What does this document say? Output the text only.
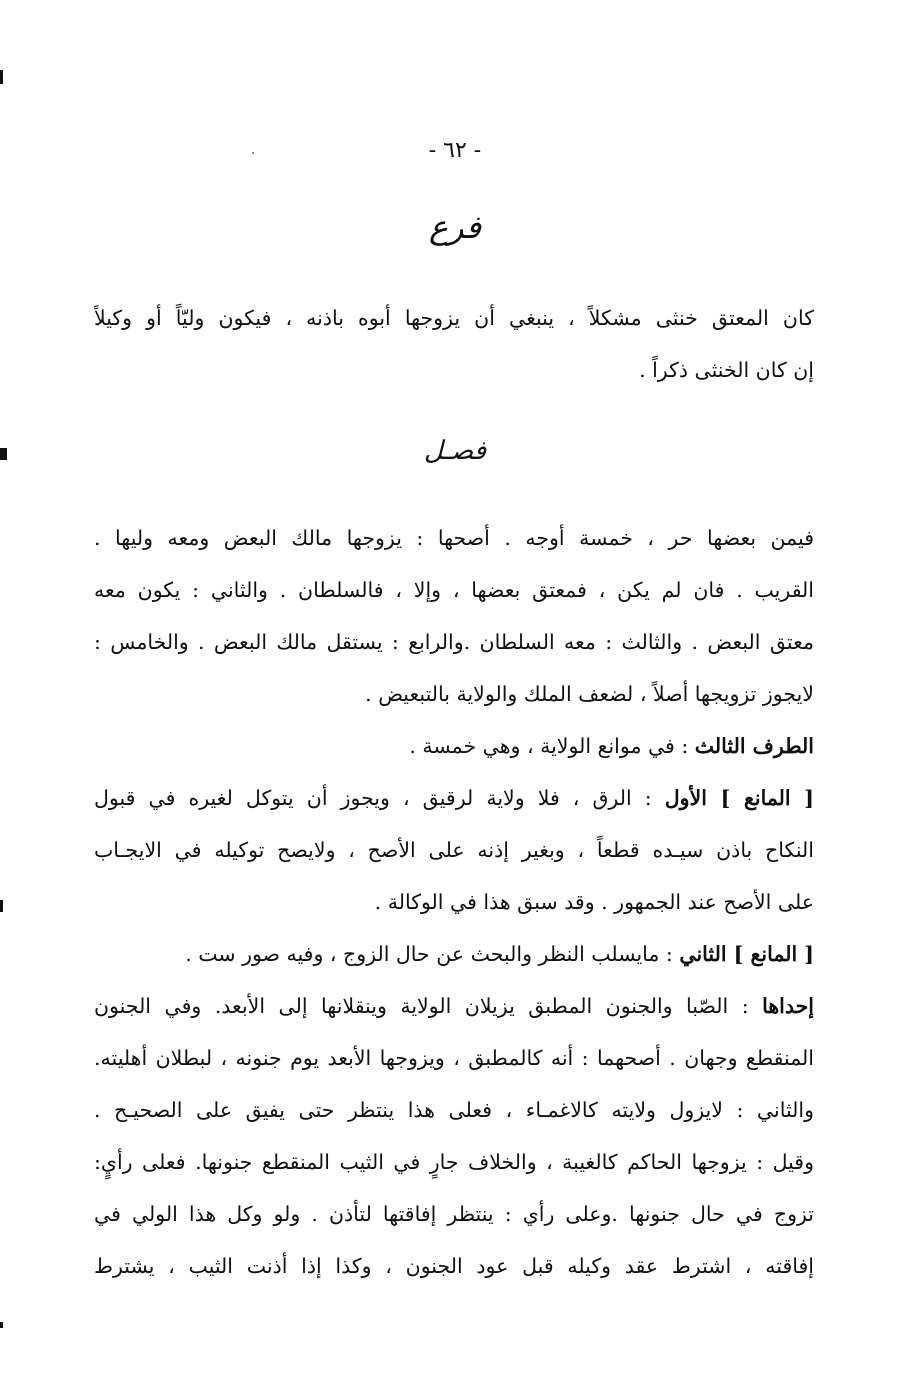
- ٦٢ -
فرع
كان المعتق خنثى مشكلاً ، ينبغي أن يزوجها أبوه باذنه ، فيكون وليّاً أو وكيلاً
إن كان الخنثى ذكراً .
فصـل
فيمن بعضها حر ، خمسة أوجه . أصحها : يزوجها مالك البعض ومعه وليها .
القريب . فان لم يكن ، فمعتق بعضها ، وإلا ، فالسلطان . والثاني : يكون معه
معتق البعض . والثالث : معه السلطان .والرابع : يستقل مالك البعض . والخامس :
لايجوز تزويجها أصلاً ، لضعف الملك والولاية بالتبعيض .
الطرف الثالث : في موانع الولاية ، وهي خمسة .
[ المانع ] الأول : الرق ، فلا ولاية لرقيق ، ويجوز أن يتوكل لغيره في قبول
النكاح باذن سيـده قطعاً ، وبغير إذنه على الأصح ، ولايصح توكيله في الايجـاب
على الأصح عند الجمهور . وقد سبق هذا في الوكالة .
[ المانع ] الثاني : مايسلب النظر والبحث عن حال الزوج ، وفيه صور ست .
إحداها : الصّبا والجنون المطبق يزيلان الولاية وينقلانها إلى الأبعد. وفي الجنون
المنقطع وجهان . أصحهما : أنه كالمطبق ، ويزوجها الأبعد يوم جنونه ، لبطلان أهليته.
والثاني : لايزول ولايته كالاغمـاء ، فعلى هذا ينتظر حتى يفيق على الصحيـح .
وقيل : يزوجها الحاكم كالغيبة ، والخلاف جارٍ في الثيب المنقطع جنونها. فعلى رأيٍ:
تزوج في حال جنونها .وعلى رأي : ينتظر إفاقتها لتأذن . ولو وكل هذا الولي في
إفاقته ، اشترط عقد وكيله قبل عود الجنون ، وكذا إذا أذنت الثيب ، يشترط
